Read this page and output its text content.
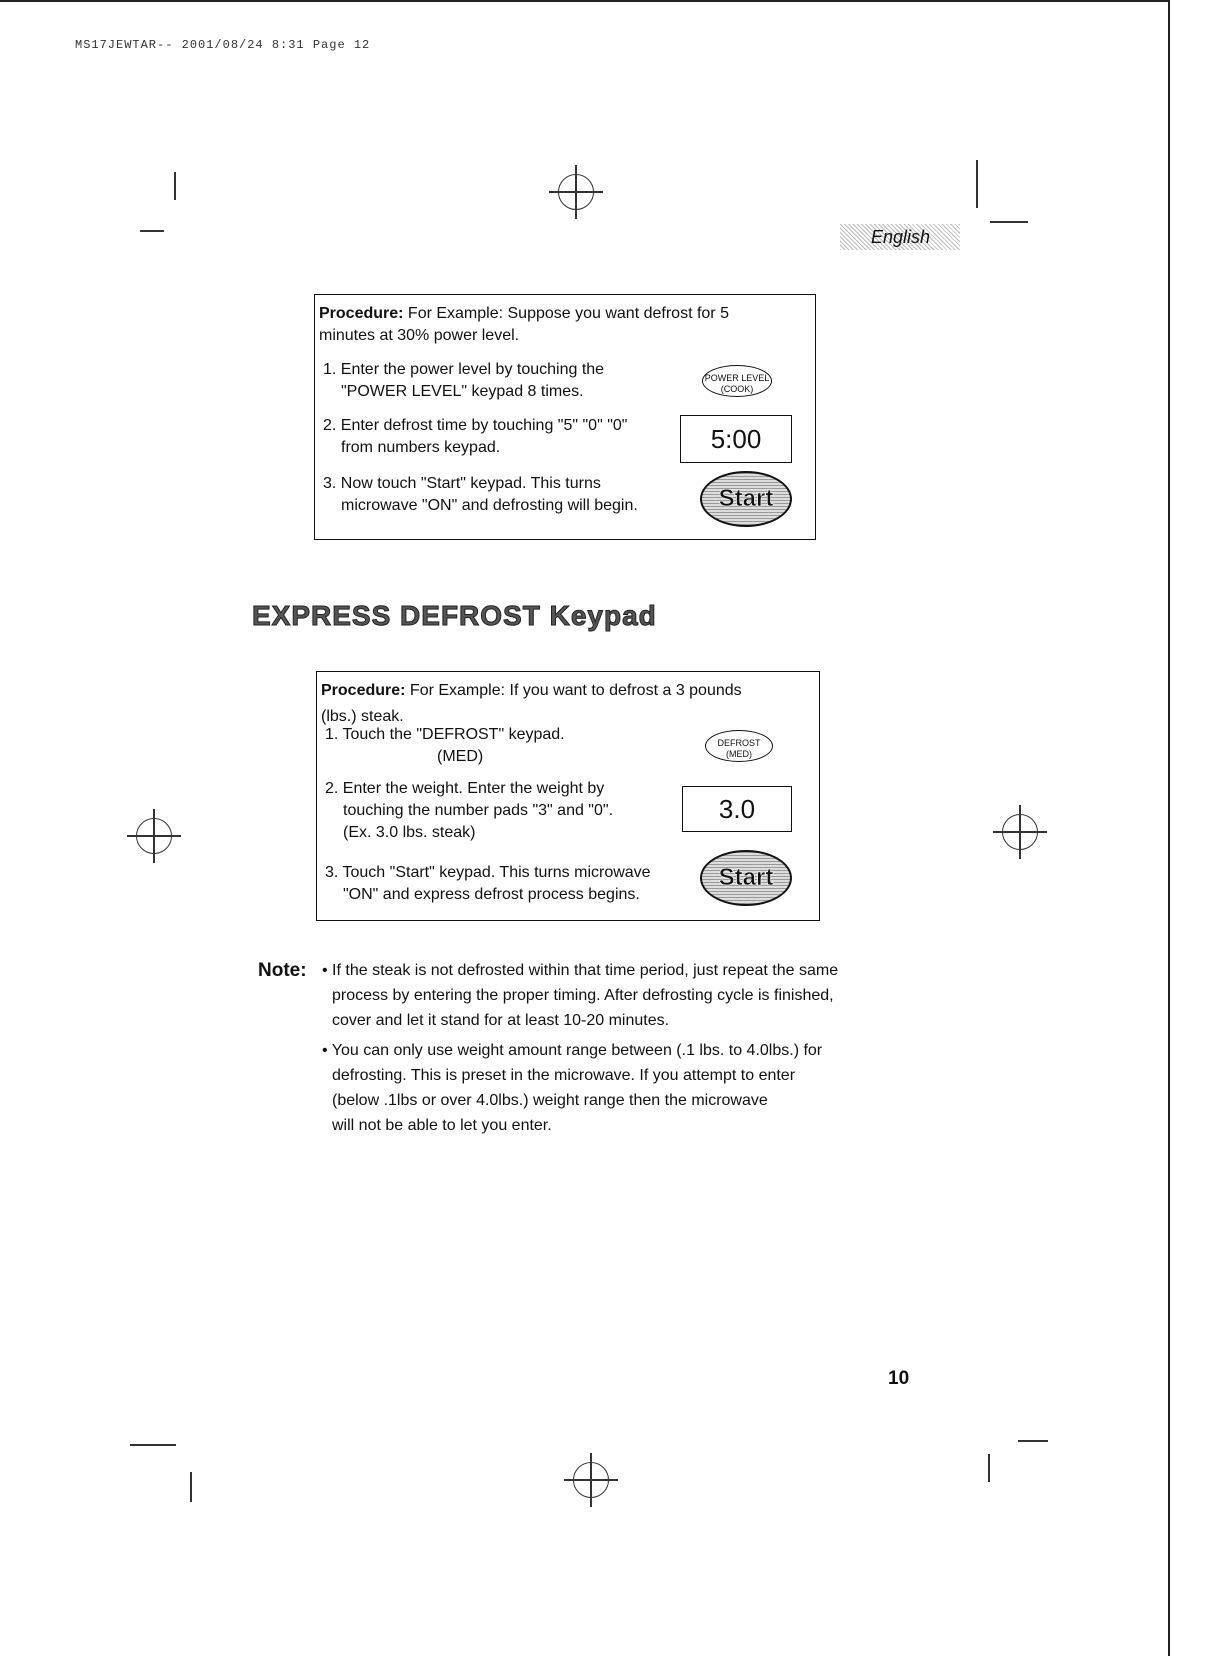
MS17JEWTAR-- 2001/08/24 8:31 Page 12
English
Procedure: For Example: Suppose you want defrost for 5
minutes at 30% power level.
1. Enter the power level by touching the
"POWER LEVEL" keypad 8 times.
POWER LEVEL
(COOK)
2. Enter defrost time by touching "5" "0" "0"
from numbers keypad.	5:00
3. Now touch "Start" keypad. This turns
microwave "ON" and defrosting will begin.	Start
EXPRESS DEFROST Keypad
Procedure: For Example: If you want to defrost a 3 pounds
(lbs.) steak.
1. Touch the "DEFROST" keypad.
(MED)
DEFROST
(MED)
2. Enter the weight. Enter the weight by
touching the number pads "3" and "0".
(Ex. 3.0 lbs. steak)
3.0
3. Touch "Start" keypad. This turns microwave
"ON" and express defrost process begins.
Start
Note: • If the steak is not defrosted within that time period, just repeat the same
process by entering the proper timing. After defrosting cycle is finished,
cover and let it stand for at least 10-20 minutes.
• You can only use weight amount range between (.1 lbs. to 4.0lbs.) for
defrosting. This is preset in the microwave. If you attempt to enter
(below .1lbs or over 4.0lbs.) weight range then the microwave
will not be able to let you enter.
10
